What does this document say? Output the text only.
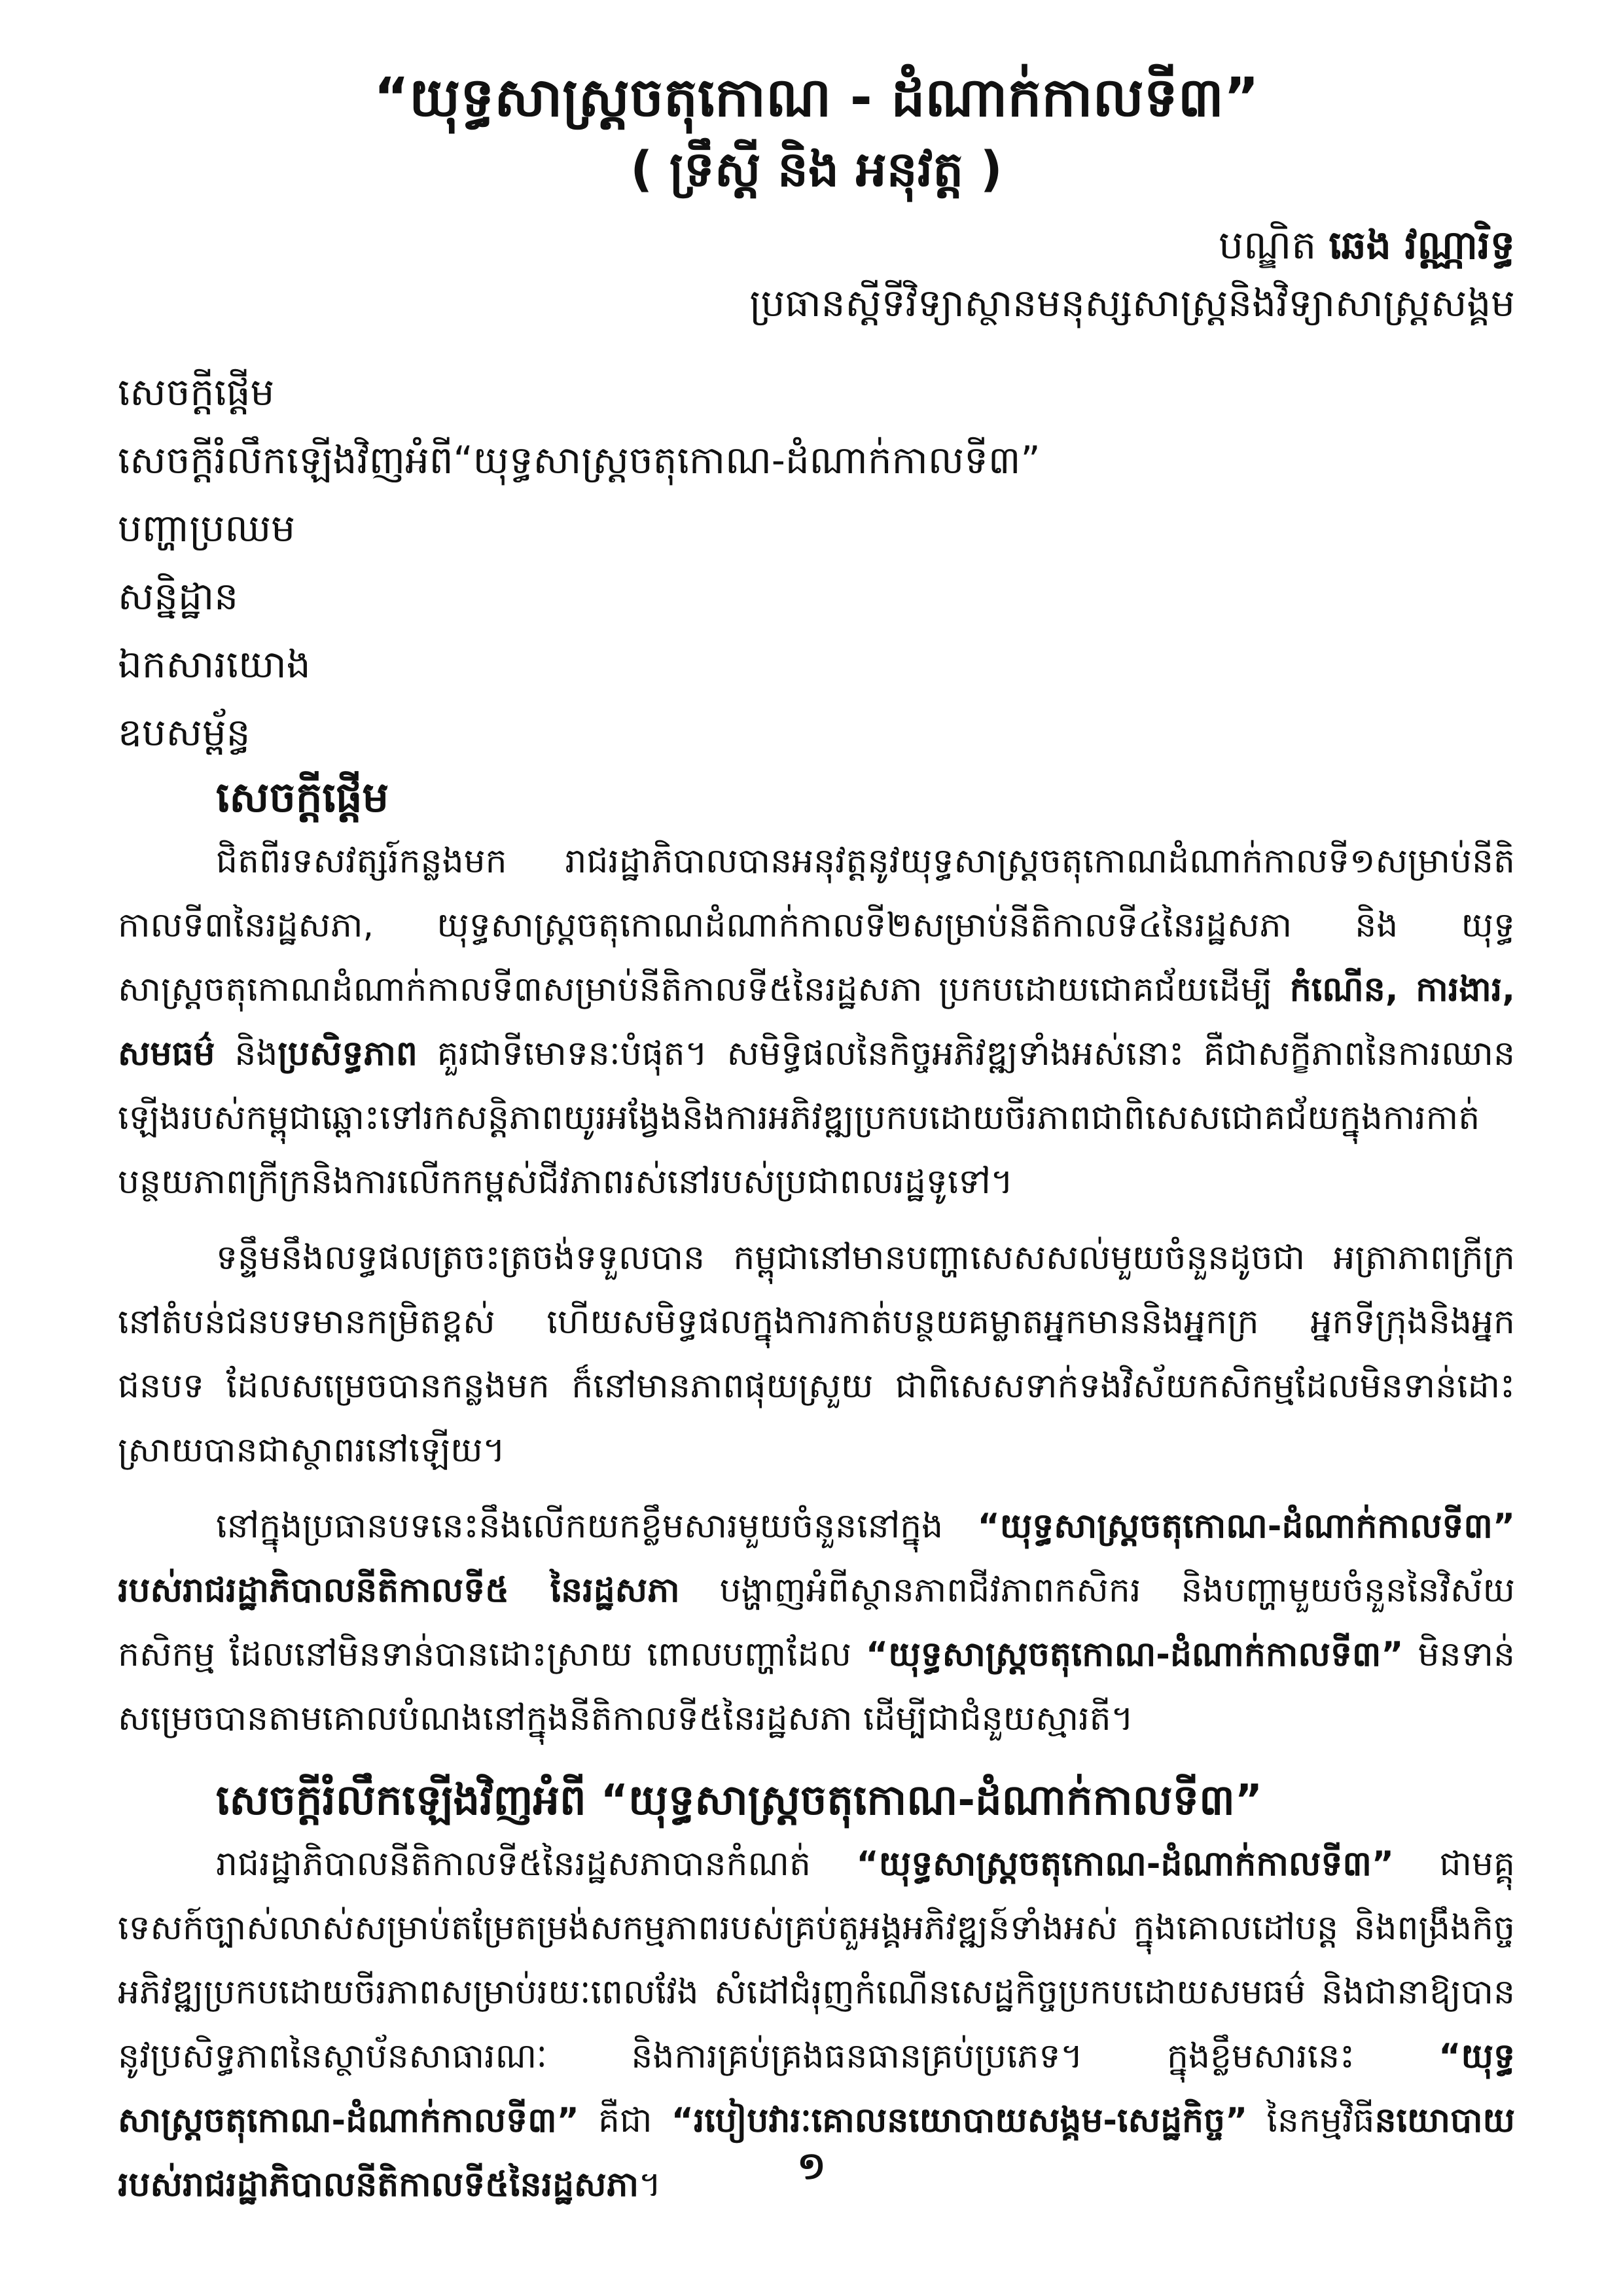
“យុទ្ធសាស្ត្រចតុកោណ - ដំណាក់កាលទី៣”
( ទ្រឹស្តី និង អនុវត្ត )

បណ្ឌិត ឆេង វណ្ណារិទ្ធ

ប្រធានស្តីទីវិទ្យាស្ថានមនុស្សសាស្ត្រនិងវិទ្យាសាស្ត្រសង្គម

សេចក្តីផ្តើម
សេចក្តីរំលឹកឡើងវិញអំពី“យុទ្ធសាស្ត្រចតុកោណ-ដំណាក់កាលទី៣”
បញ្ហាប្រឈម
សន្និដ្ឋាន
ឯកសារយោង
ឧបសម្ព័ន្ធ
សេចក្តីផ្តើម

ជិតពីរទសវត្សរ៍កន្លងមក រាជរដ្ឋាភិបាលបានអនុវត្តនូវយុទ្ធសាស្ត្រចតុកោណដំណាក់កាលទី១សម្រាប់នីតិកាលទី៣នៃរដ្ឋសភា, យុទ្ធសាស្ត្រចតុកោណដំណាក់កាលទី២សម្រាប់នីតិកាលទី៤នៃរដ្ឋសភា និង យុទ្ធសាស្ត្រចតុកោណដំណាក់កាលទី៣សម្រាប់នីតិកាលទី៥នៃរដ្ឋសភា ប្រកបដោយជោគជ័យដើម្បី កំណើន, ការងារ, សមធម៌ និងប្រសិទ្ធភាព គួរជាទីមោទនៈបំផុត។ សមិទ្ធិផលនៃកិច្ចអភិវឌ្ឍទាំងអស់នោះ គឺជាសក្ខីភាពនៃការឈានឡើងរបស់កម្ពុជាឆ្ពោះទៅរកសន្តិភាពយូរអង្វែងនិងការអភិវឌ្ឍប្រកបដោយចីរភាពជាពិសេសជោគជ័យក្នុងការកាត់បន្ថយភាពក្រីក្រនិងការលើកកម្ពស់ជីវភាពរស់នៅរបស់ប្រជាពលរដ្ឋទូទៅ។

ទន្ទឹមនឹងលទ្ធផលត្រចះត្រចង់ទទួលបាន កម្ពុជានៅមានបញ្ហាសេសសល់មួយចំនួនដូចជា អត្រាភាពក្រីក្រនៅតំបន់ជនបទមានកម្រិតខ្ពស់ ហើយសមិទ្ធផលក្នុងការកាត់បន្ថយគម្លាតអ្នកមាននិងអ្នកក្រ អ្នកទីក្រុងនិងអ្នកជនបទ ដែលសម្រេចបានកន្លងមក ក៏នៅមានភាពផុយស្រួយ ជាពិសេសទាក់ទងវិស័យកសិកម្មដែលមិនទាន់ដោះស្រាយបានជាស្ថាពរនៅឡើយ។

នៅក្នុងប្រធានបទនេះនឹងលើកយកខ្លឹមសារមួយចំនួននៅក្នុង “យុទ្ធសាស្ត្រចតុកោណ-ដំណាក់កាលទី៣” របស់រាជរដ្ឋាភិបាលនីតិកាលទី៥ នៃរដ្ឋសភា បង្ហាញអំពីស្ថានភាពជីវភាពកសិករ និងបញ្ហាមួយចំនួននៃវិស័យកសិកម្ម ដែលនៅមិនទាន់បានដោះស្រាយ ពោលបញ្ហាដែល “យុទ្ធសាស្ត្រចតុកោណ-ដំណាក់កាលទី៣” មិនទាន់សម្រេចបានតាមគោលបំណងនៅក្នុងនីតិកាលទី៥នៃរដ្ឋសភា ដើម្បីជាជំនួយស្មារតី។

សេចក្តីរំលឹកឡើងវិញអំពី “យុទ្ធសាស្ត្រចតុកោណ-ដំណាក់កាលទី៣”

រាជរដ្ឋាភិបាលនីតិកាលទី៥នៃរដ្ឋសភាបានកំណត់ “យុទ្ធសាស្ត្រចតុកោណ-ដំណាក់កាលទី៣” ជាមគ្គុទេសក៍ច្បាស់លាស់សម្រាប់តម្រែតម្រង់សកម្មភាពរបស់គ្រប់តួអង្គអភិវឌ្ឍន៍ទាំងអស់ ក្នុងគោលដៅបន្ត និងពង្រឹងកិច្ចអភិវឌ្ឍប្រកបដោយចីរភាពសម្រាប់រយៈពេលវែង សំដៅជំរុញកំណើនសេដ្ឋកិច្ចប្រកបដោយសមធម៌ និងជានាឱ្យបាននូវប្រសិទ្ធភាពនៃស្ថាប័នសាធារណៈ និងការគ្រប់គ្រងធនធានគ្រប់ប្រភេទ។ ក្នុងខ្លឹមសារនេះ “យុទ្ធសាស្ត្រចតុកោណ-ដំណាក់កាលទី៣” គឺជា “របៀបវារៈគោលនយោបាយសង្គម-សេដ្ឋកិច្ច” នៃកម្មវិធីនយោបាយរបស់រាជរដ្ឋាភិបាលនីតិកាលទី៥នៃរដ្ឋសភា។	១
